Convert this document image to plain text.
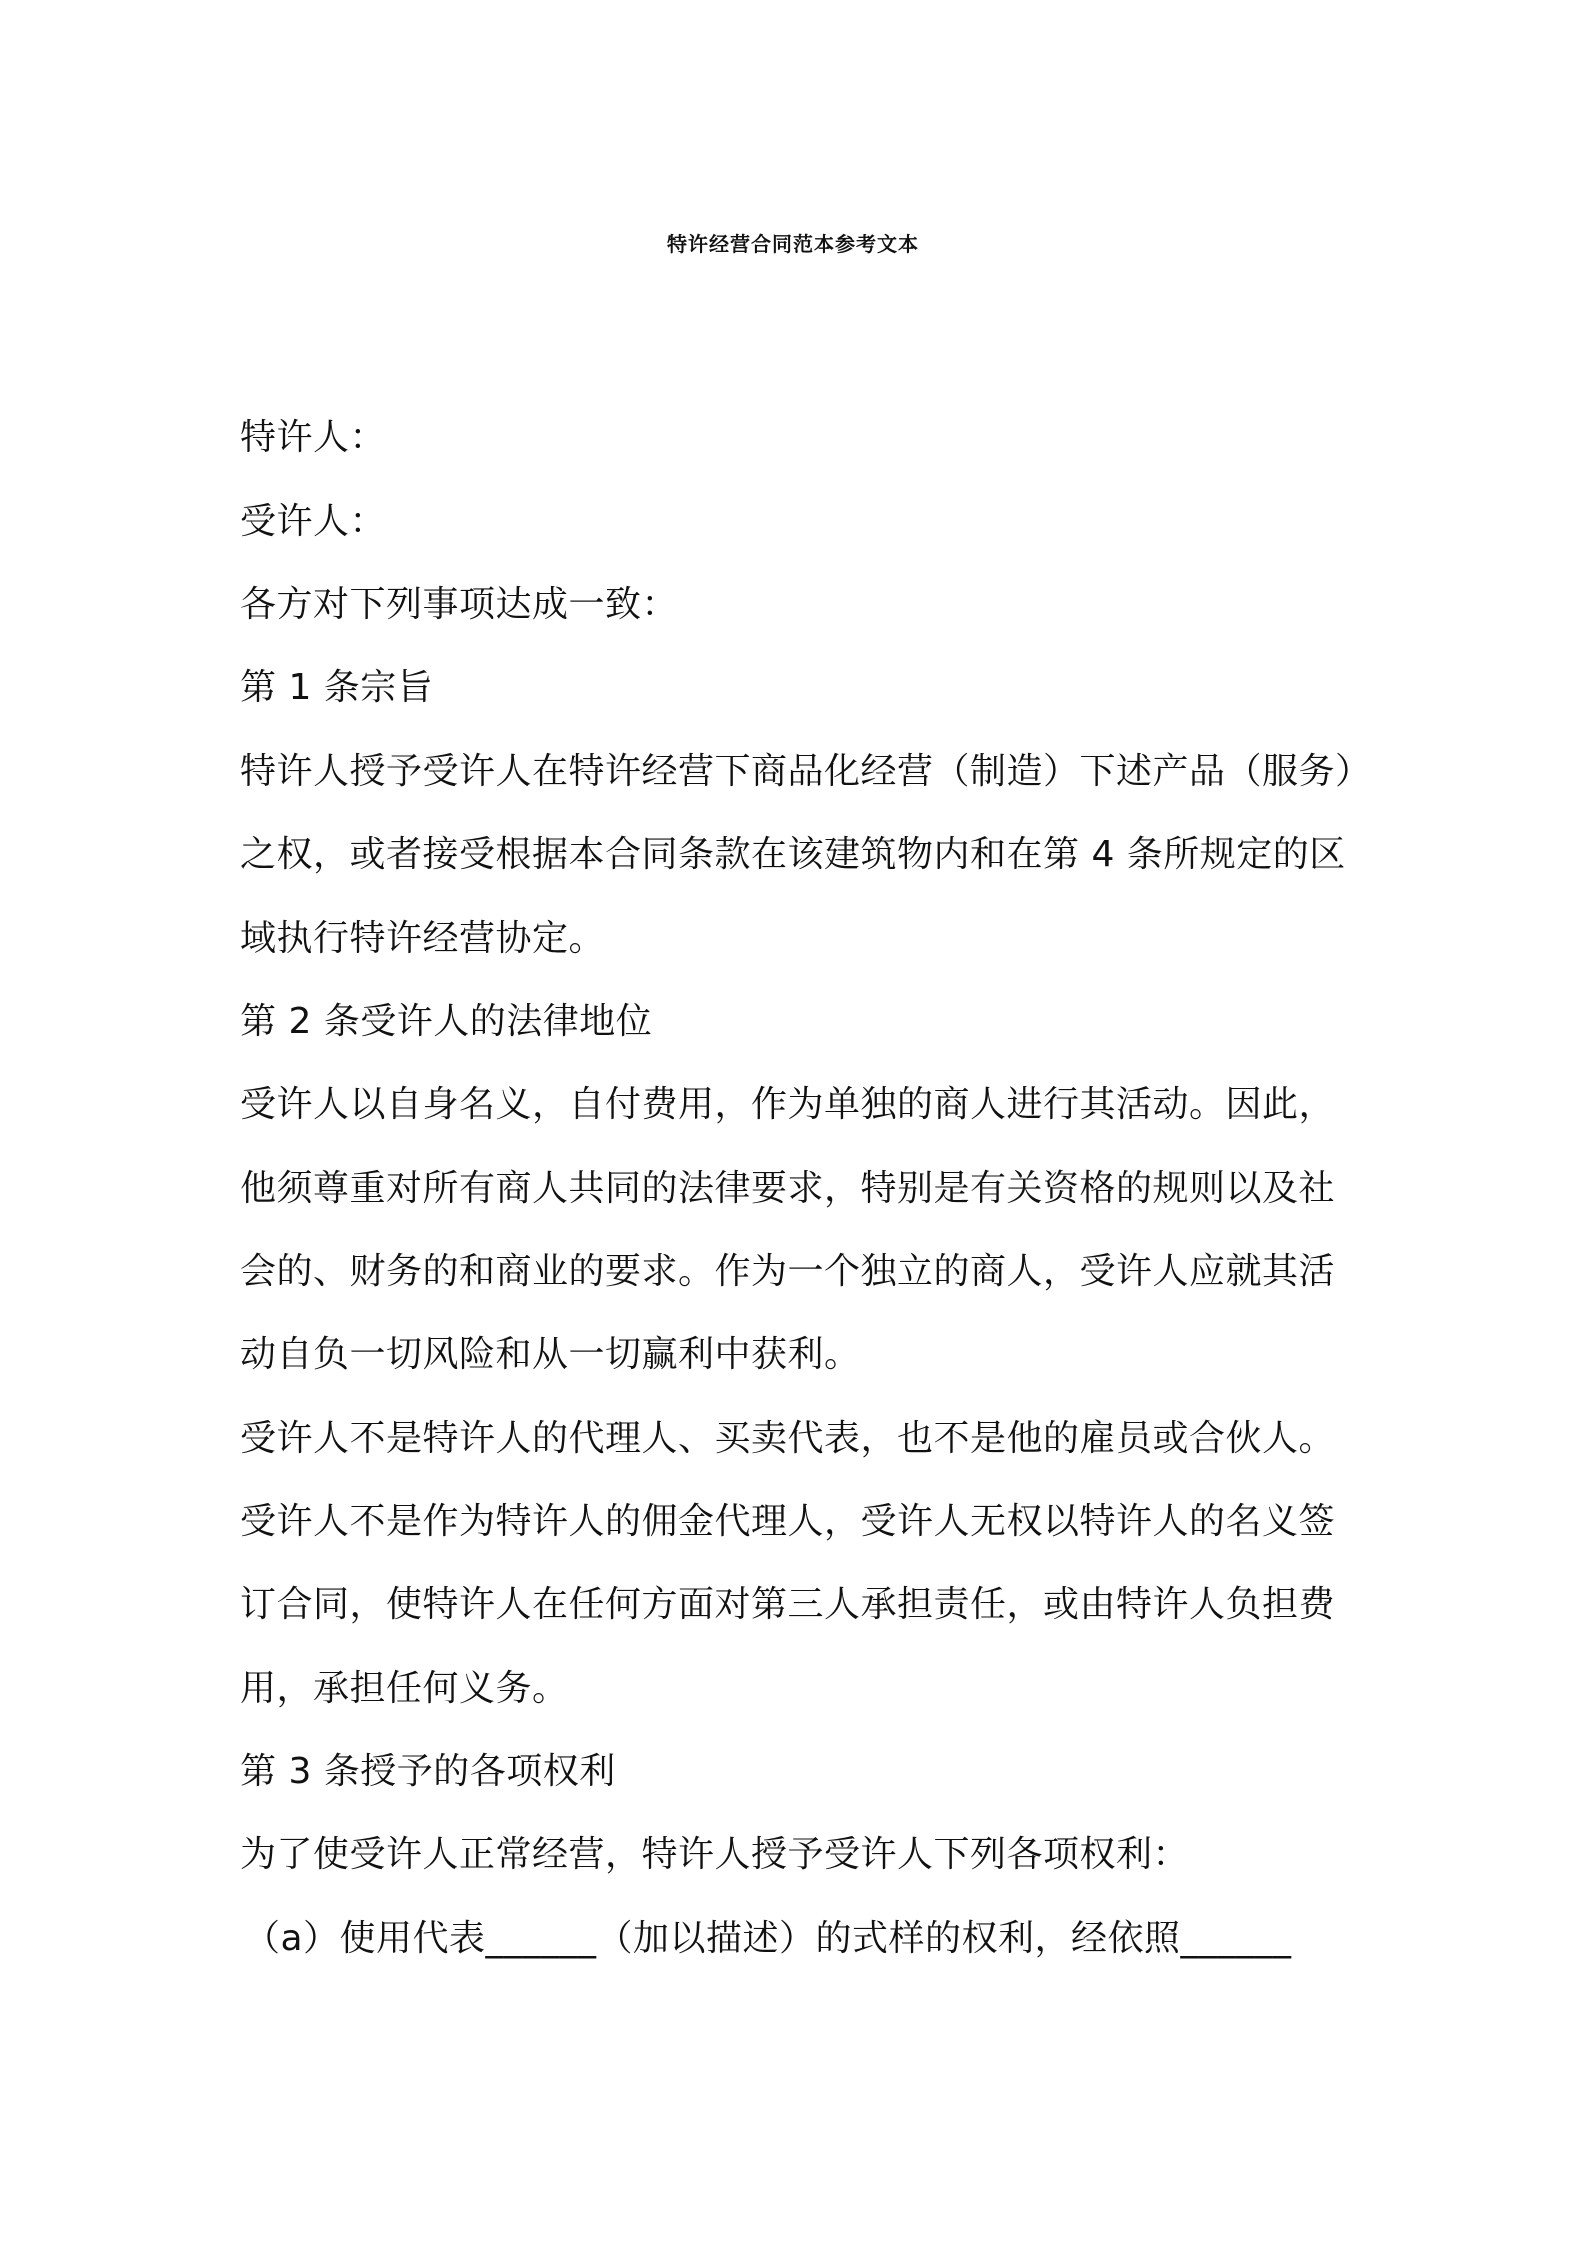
特许经营合同范本参考文本
特许人：
受许人：
各方对下列事项达成一致：
第 1 条宗旨
特许人授予受许人在特许经营下商品化经营（制造）下述产品（服务）
之权，或者接受根据本合同条款在该建筑物内和在第 4 条所规定的区
域执行特许经营协定。
第 2 条受许人的法律地位
受许人以自身名义，自付费用，作为单独的商人进行其活动。因此，
他须尊重对所有商人共同的法律要求，特别是有关资格的规则以及社
会的、财务的和商业的要求。作为一个独立的商人，受许人应就其活
动自负一切风险和从一切赢利中获利。
受许人不是特许人的代理人、买卖代表，也不是他的雇员或合伙人。
受许人不是作为特许人的佣金代理人，受许人无权以特许人的名义签
订合同，使特许人在任何方面对第三人承担责任，或由特许人负担费
用，承担任何义务。
第 3 条授予的各项权利
为了使受许人正常经营，特许人授予受许人下列各项权利：
（a）使用代表______（加以描述）的式样的权利，经依照______
